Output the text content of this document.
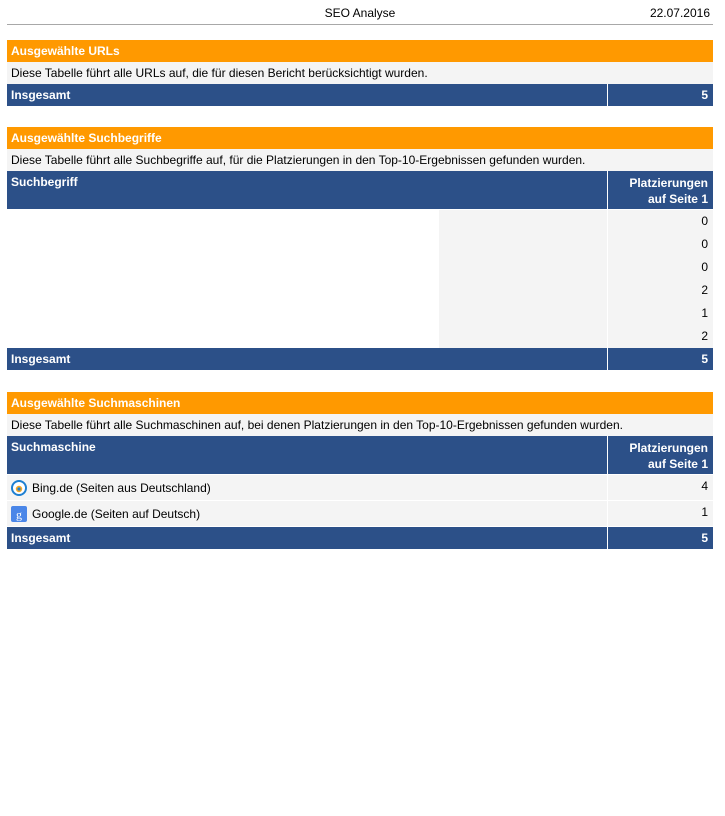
SEO Analyse	22.07.2016
Ausgewählte URLs
Diese Tabelle führt alle URLs auf, die für diesen Bericht berücksichtigt wurden.
Insgesamt	5
Ausgewählte Suchbegriffe
Diese Tabelle führt alle Suchbegriffe auf, für die Platzierungen in den Top-10-Ergebnissen gefunden wurden.
Suchbegriff	Platzierungen
auf Seite 1
0
0
0
2
1
2
Insgesamt	5
Ausgewählte Suchmaschinen
Diese Tabelle führt alle Suchmaschinen auf, bei denen Platzierungen in den Top-10-Ergebnissen gefunden wurden.
Suchmaschine	Platzierungen
auf Seite 1
Bing.de (Seiten aus Deutschland)	4
g Google.de (Seiten auf Deutsch)	1
Insgesamt	5
